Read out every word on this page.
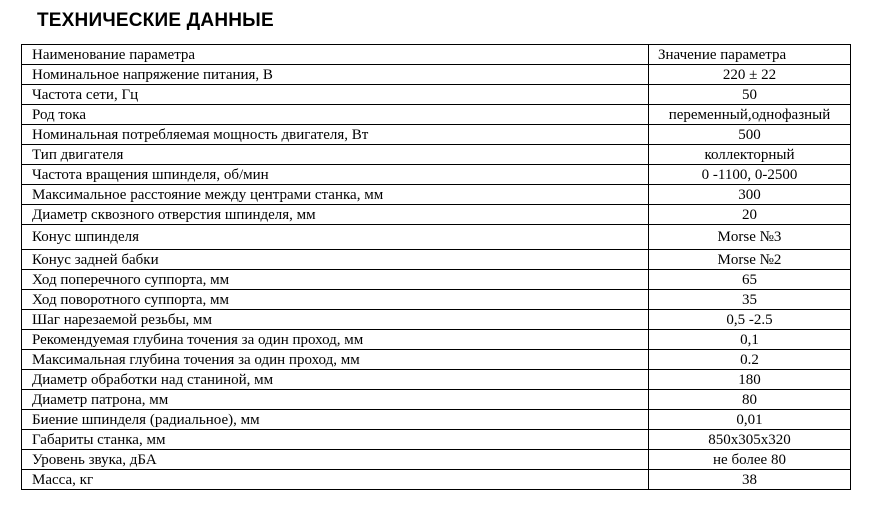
ТЕХНИЧЕСКИЕ ДАННЫЕ
Наименование параметра	Значение параметра
Номинальное напряжение питания, В	220 ± 22
Частота сети, Гц	50
Род тока	переменный,однофазный
Номинальная потребляемая мощность двигателя, Вт	500
Тип двигателя	коллекторный
Частота вращения шпинделя, об/мин	0 -1100, 0-2500
Максимальное расстояние между центрами станка, мм	300
Диаметр сквозного отверстия шпинделя, мм	20
Конус шпинделя	Morse №3
Конус задней бабки	Morse №2
Ход поперечного суппорта, мм	65
Ход поворотного суппорта, мм	35
Шаг нарезаемой резьбы, мм	0,5 -2.5
Рекомендуемая глубина точения за один проход, мм	0,1
Максимальная глубина точения за один проход, мм	0.2
Диаметр обработки над станиной, мм	180
Диаметр патрона, мм	80
Биение шпинделя (радиальное), мм	0,01
Габариты станка, мм	850х305х320
Уровень звука, дБА	не более 80
Масса, кг	38
